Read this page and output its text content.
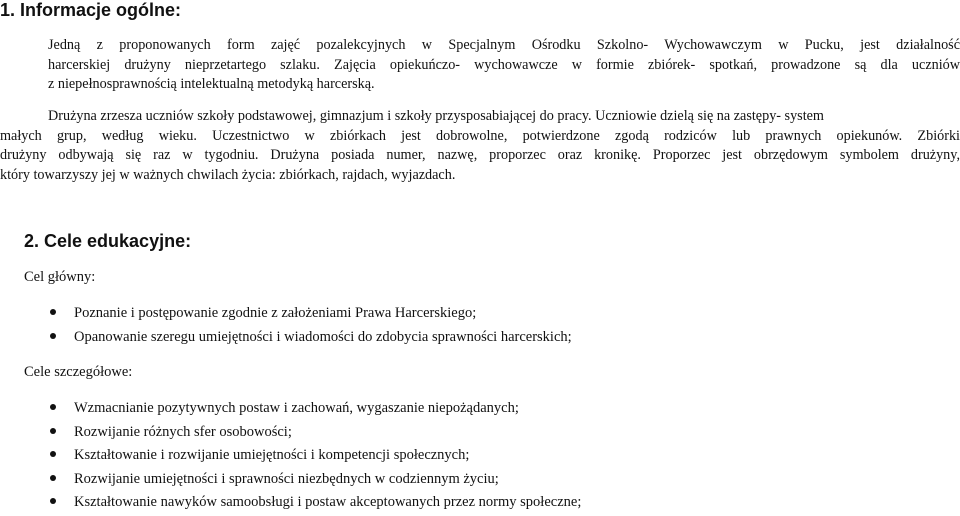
1. Informacje ogólne:
Jedną z proponowanych form zajęć pozalekcyjnych w Specjalnym Ośrodku Szkolno- Wychowawczym w Pucku, jest działalność
harcerskiej drużyny nieprzetartego szlaku. Zajęcia opiekuńczo- wychowawcze w formie zbiórek- spotkań, prowadzone są dla uczniów
z niepełnosprawnością intelektualną metodyką harcerską.
Drużyna zrzesza uczniów szkoły podstawowej, gimnazjum i szkoły przysposabiającej do pracy. Uczniowie dzielą się na zastępy- system
małych grup, według wieku. Uczestnictwo w zbiórkach jest dobrowolne, potwierdzone zgodą rodziców lub prawnych opiekunów. Zbiórki
drużyny odbywają się raz w tygodniu. Drużyna posiada numer, nazwę, proporzec oraz kronikę. Proporzec jest obrzędowym symbolem drużyny,
który towarzyszy jej w ważnych chwilach życia: zbiórkach, rajdach, wyjazdach.
2. Cele edukacyjne:
Cel główny:
Poznanie i postępowanie zgodnie z założeniami Prawa Harcerskiego;
Opanowanie szeregu umiejętności i wiadomości do zdobycia sprawności harcerskich;
Cele szczegółowe:
Wzmacnianie pozytywnych postaw i zachowań, wygaszanie niepożądanych;
Rozwijanie różnych sfer osobowości;
Kształtowanie i rozwijanie umiejętności i kompetencji społecznych;
Rozwijanie umiejętności i sprawności niezbędnych w codziennym życiu;
Kształtowanie nawyków samoobsługi i postaw akceptowanych przez normy społeczne;
